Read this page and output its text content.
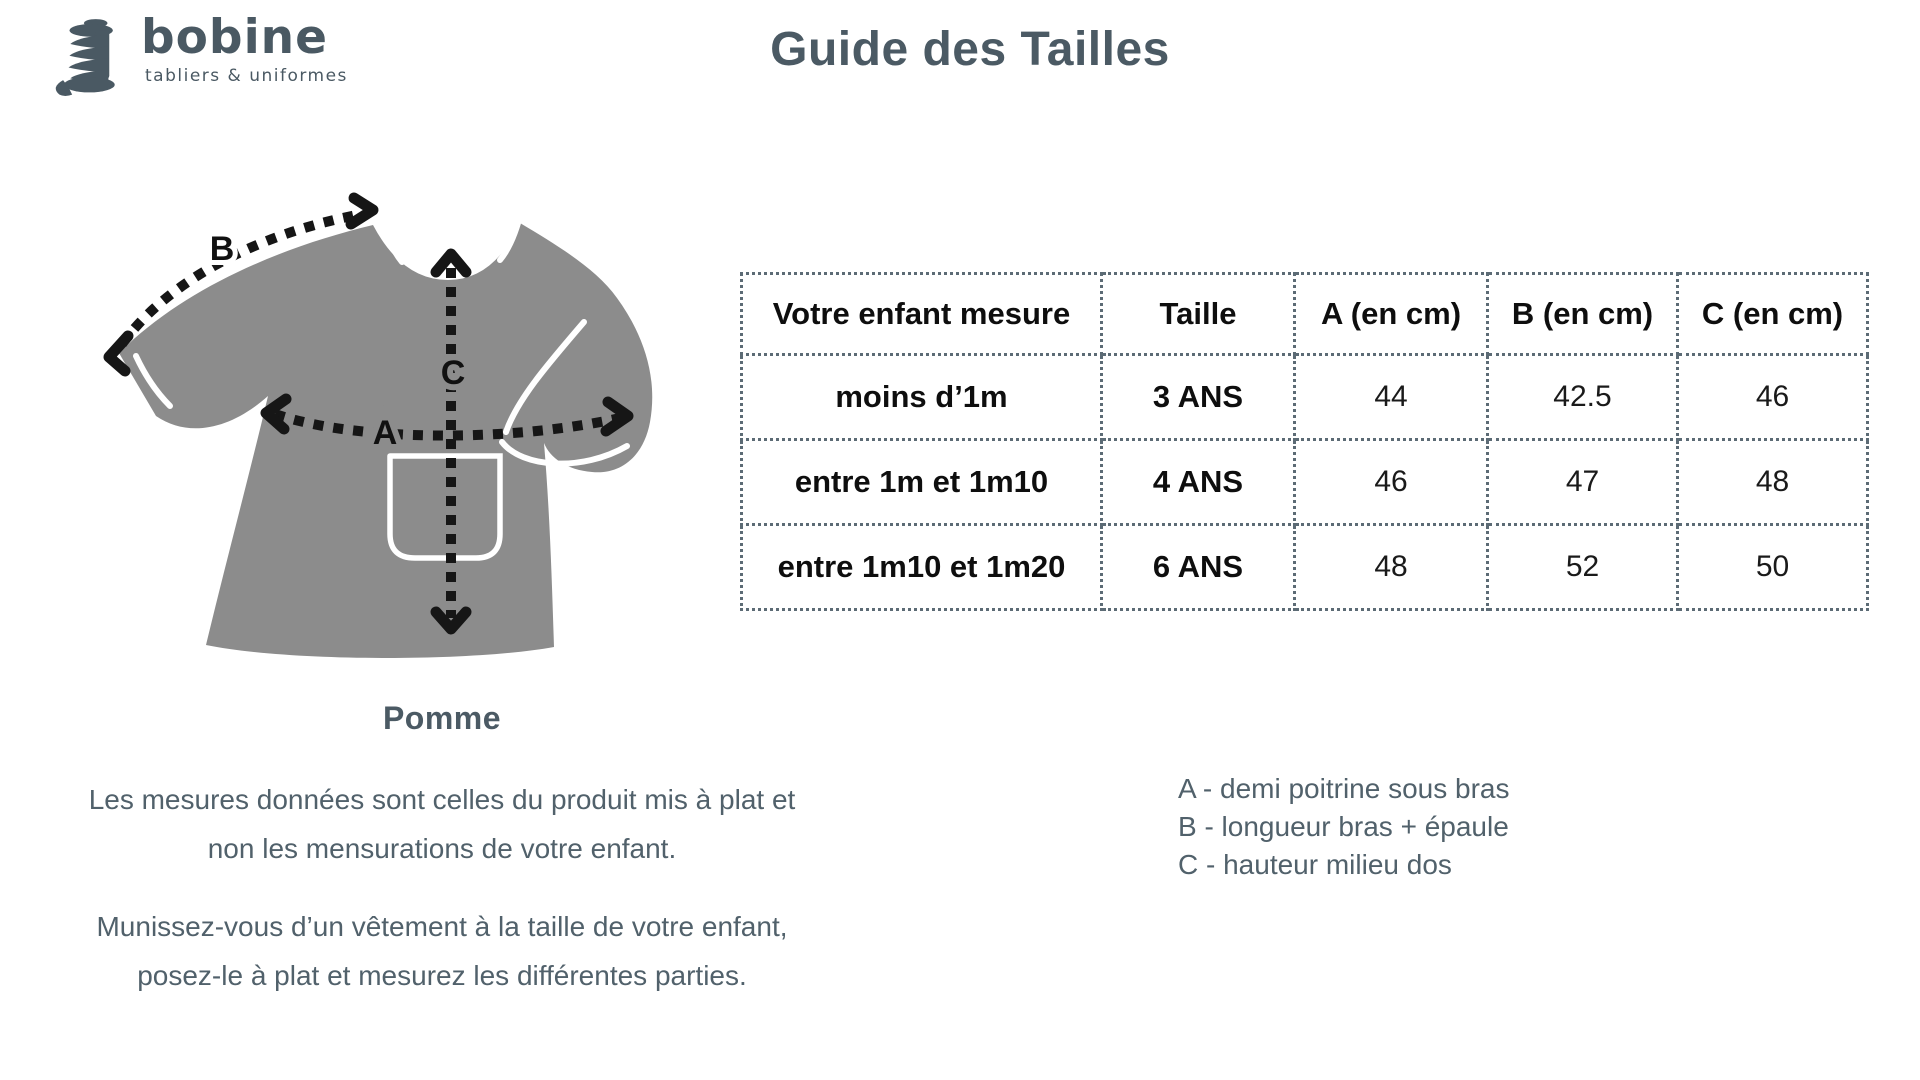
bobine
tabliers & uniformes	Guide des Tailles
B
C
A
Pomme
Votre enfant mesure	Taille	A (en cm)	B (en cm)	C (en cm)
moins d’1m	3 ANS	44	42.5	46
entre 1m et 1m10	4 ANS	46	47	48
entre 1m10 et 1m20	6 ANS	48	52	50
Les mesures données sont celles du produit mis à plat et
non les mensurations de votre enfant.
Munissez-vous d’un vêtement à la taille de votre enfant,
posez-le à plat et mesurez les différentes parties.
A - demi poitrine sous bras
B - longueur bras + épaule
C - hauteur milieu dos
